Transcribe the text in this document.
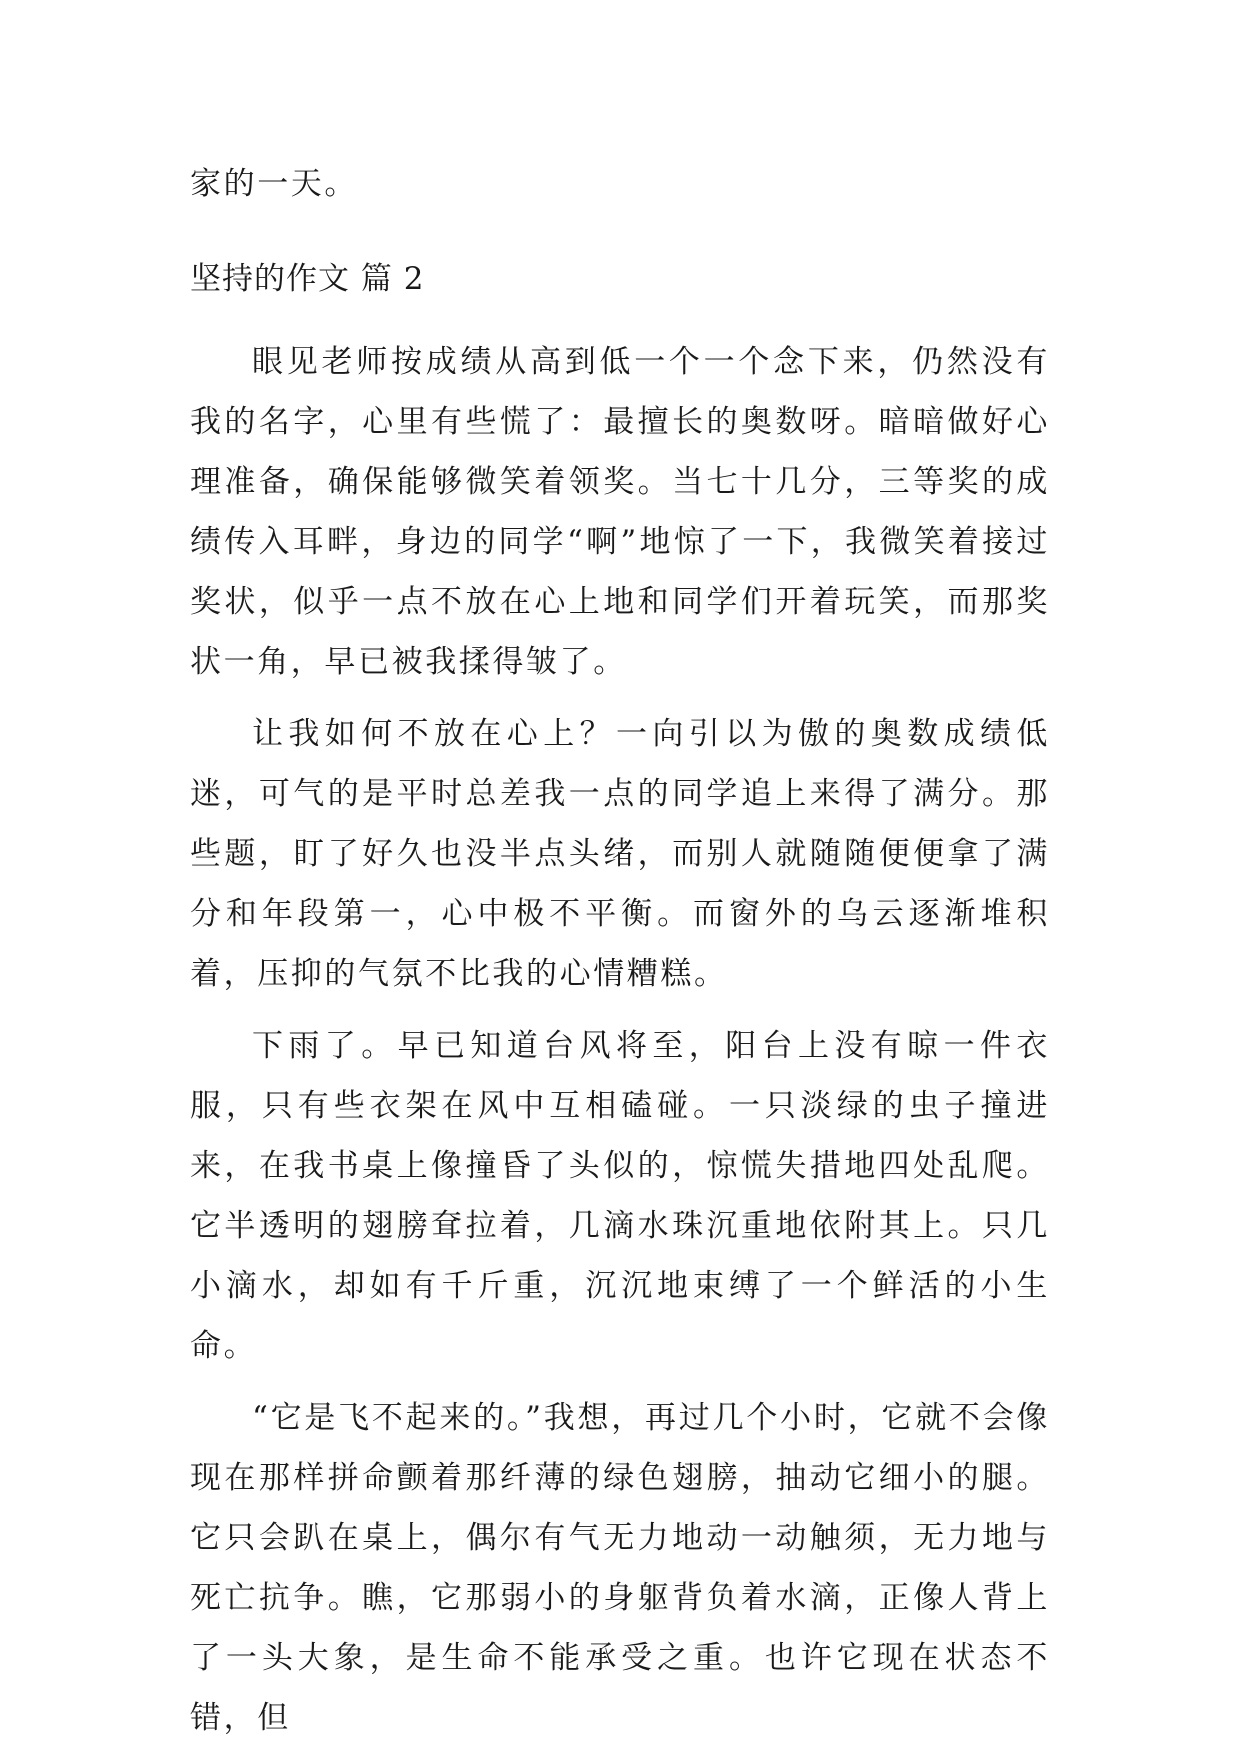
家的一天。

坚持的作文 篇 2

眼见老师按成绩从高到低一个一个念下来，仍然没有我的名字，心里有些慌了：最擅长的奥数呀。暗暗做好心理准备，确保能够微笑着领奖。当七十几分，三等奖的成绩传入耳畔，身边的同学“啊”地惊了一下，我微笑着接过奖状，似乎一点不放在心上地和同学们开着玩笑，而那奖状一角，早已被我揉得皱了。

让我如何不放在心上？一向引以为傲的奥数成绩低迷，可气的是平时总差我一点的同学追上来得了满分。那些题，盯了好久也没半点头绪，而别人就随随便便拿了满分和年段第一，心中极不平衡。而窗外的乌云逐渐堆积着，压抑的气氛不比我的心情糟糕。

下雨了。早已知道台风将至，阳台上没有晾一件衣服，只有些衣架在风中互相磕碰。一只淡绿的虫子撞进来，在我书桌上像撞昏了头似的，惊慌失措地四处乱爬。它半透明的翅膀耷拉着，几滴水珠沉重地依附其上。只几小滴水，却如有千斤重，沉沉地束缚了一个鲜活的小生命。

“它是飞不起来的。”我想，再过几个小时，它就不会像现在那样拼命颤着那纤薄的绿色翅膀，抽动它细小的腿。它只会趴在桌上，偶尔有气无力地动一动触须，无力地与死亡抗争。瞧，它那弱小的身躯背负着水滴，正像人背上了一头大象，是生命不能承受之重。也许它现在状态不错，但
